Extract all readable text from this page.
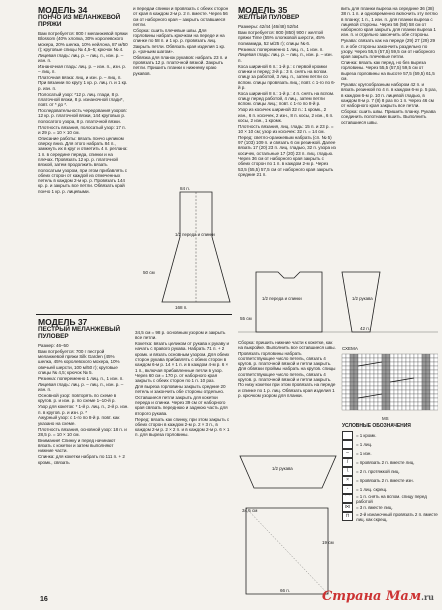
МОДЕЛЬ 34
ПОНЧО ИЗ МЕЛАНЖЕВОЙ ПРЯЖИ

Вам потребуется: 800 г меланжевой пряжи Blossom (40% хлопка, 30% королевского мохера, 20% шелка, 10% нейлона, 87 м/50 г); круговые спицы № 4,5–5; крючок № 4.

Лицевая гладь: лиц. р. – лиц. п., изн. р. – изн. п.

Изнаночная гладь: лиц. р. – изн. п., изн. р. – лиц. п.

Платочная вязка: лиц. и изн. р. – лиц. п. При вязании по кругу 1 кр. р. лиц. п. и 1 кр. р. изн. п.

Полосатый узор: *12 р. лиц. глади, 8 р. платочной вязки, 8 р. изнаночной глади*, повт. от * до *.

Последовательность чередования узоров: 12 кр. р. платочной вязки, 144 круговых р. полосатого узора, 8 р. платочной вязки.

Плотность вязания, полосатый узор: 17 п. и 29 р. = 10 × 10 см.

Описание работы: вязать пончо целиком сверху вниз. Для этого набрать 84 п., замкнуть их в круг и отметить 4 п. реглана: 1 п. в середине переда, спинки и на плечах. Провязать 12 кр. р. платочной вязкой, затем продолжить вязать полосатым узором, при этом прибавлять с обеих сторон от каждой из отмеченных петель в каждом 2-м кр. р. Провязать 144 кр. р. и закрыть все петли. Обвязать край пончо 1 кр. р. лицевыми.

и передаи спинки и провязать с обеих сторон от края в каждом 2-м р. 2 п. вместе. Через 56 см от наборного края – закрыть оставшиеся петли.

Сборка: сшить плечевые швы. Для горловины набрать крючком на переде и на спинке по 58 п. и 1 кр. р. провязать лиц. Закрыть петли. Обвязать края изделия 1 кр. р. «рачьим шагом».

Обвязка для планок рукавов: набрать 23 п. и провязать 12 р. платочной вязкой. Закрыть петли. Пришить планки к нижнему краю рукавов.

1/2 переда и спинки
84 п.
50 см
168 п.
МОДЕЛЬ 35
ЖЕЛТЫЙ ПУЛОВЕР

Размеры: 42/44 (46/48) 52/54

Вам потребуется: 800 (850) 900 г желтой пряжи Time (55% хлопковой шерсти, 45% полиамида, 52 м/25 г); спицы № 6.

Резинка: попеременно 1 лиц. п., 1 изн. п.

Лицевая гладь: лиц. р. – лиц. п., изн. р. – изн. п.

Коса шириной 6 п.: 1-й р.: с первой кромки спинки и перед; 3-й р.: 3 п. снять на вспом. спицу за работой, 3 лиц. п., затем петли со вспом. спицы провязать лиц.; повт. с 1-го по 6-й р.

Коса шириной 8 п.: 1-й р.: 4 п. снять на вспом. спицу перед работой, 4 лиц., затем петли вспом. спицы лиц.; повт. с 1-го по 8-й р.

Узор из косичек шириной 32 п.: 1 кромк., 2 изн., 6 п. косичек, 2 изн., 8 п. косы, 2 изн., 6 п. косы, 2 изн., 1 кромк.

Плотность вязания, лиц. гладь: 15 п. и 23 р. = 10 × 10 см; узор из косичек: 32 п. = 14 см.

Перед: светло-оранжевым набрать (сп. № 5) 97 (103) 109 п. и связать 6 см резинкой. Далее вязать 17 (20) 23 п. лиц. гладью, 32 п. узора из косичек, остальные 17 (20) 23 п. лиц. гладью. Через 36 см от наборного края закрыть с обеих сторон по 1 п. в каждом 2-м р. Через 53,5 (55,5) 57,5 см от наборного края закрыть средние 21 п.

вить для планки выреза на середине 36 (38) 38 п. 1 п. и одновременно включить эту петлю в планку; 1 п., 1 изн. п. для планки выреза с лицевой стороны. Через 56 (56) 58 см от наборного края закрыть для планки выреза 1 изн. п. и отдельно закончить обе стороны.

Рукава: связать как на переде (29) 27 (29) 29 п. и обе стороны закончить раздельно по узору. Через 55,5 (57,5) 59,5 см от наборного края закрыть плечевые петли.

Спинка: вязать как перед, но без выреза горловины. Через 55,5 (57,5) 59,5 см от выреза горловины на высоте 57,5 (59,5) 61,5 см.

Рукава: кругообразным набором 42 п. и вязать резинкой по 4 п. в каждом 6-м р. 5 раз, в каждом 6-м р. 10 п. лицевой гладью, в каждом 8-м р. 7 (8) 8 раз по 1 п. Через 46 см от наборного края закрыть все петли.

Сборка: сшить швы. Пришить планку. Рукава соединить полотнами вшить. Выполнить оставшиеся швы.

1/2 переда и спинки	1/2 рукава
55 см
42 п.
МОДЕЛЬ 37
ПЕСТРЫЙ МЕЛАНЖЕВЫЙ ПУЛОВЕР

Размер: 46–50

Вам потребуется: 700 г пестрой меланжевой пряжи Silk Garden (45% шелка, 45% королевского мохера, 10% овечьей шерсти, 100 м/50 г); круговые спицы № 4,5; крючок № 5.

Резинка: попеременно 1 лиц. п., 1 изн. п.

Лицевая гладь: лиц. р. – лиц. п., изн. р. – изн. п.

Основной узор: повторять по схеме в кругов. р. и изн. р. по схеме 1–10-й р.

Узор для кокеток: * 1-й р. лиц. п., 2-й р. изн. п. в кругов. р. и изн. р. *

Ажурный узор: с 1-го по 8-й р. повт. как указано на схеме.

Плотность вязания, основной узор: 18 п. и 28,5 р. = 10 × 10 см.

Внимание! Спинку и перед начинают вязать с кокетки и затем выполняют нижние части.

Спинка: для кокетки набрать по 111 п. + 2 кромк., связать

34,5 см = 98 р. основным узором и закрыть все петли.

Кокетка: вязать целиком от рукава к рукаву и начать с правого рукава. Набрать 71 п. + 2 кромк. и вязать основным узором. Для обеих сторон рукава прибавлять с обеих сторон в каждом 6-м р. 14 × 1 п. и в каждом 4-м р. 6 × 1 п., включая прибавленные петли в узор. Через 60 см = 170 р. от наборного края закрыть с обеих сторон по 1 п. 10 раз.

Для выреза горловины закрыть средние 20 петель и закончить обе стороны отдельно. Оставшиеся петли закрыть для кокетки переда и спинки. Через 39 см от наборного края связать переднюю и заднюю часть для второго рукава.

Перед: вязать как спинку, при этом закрыть с обеих сторон в каждом 2-м р. 2 × 3 п., в каждом 2-м р. 2 × 2 п. и в каждом 2-м р. 6 × 1 п. для выреза горловины.

Сборка: пришить нижние части к кокетке, как на выкройке. Выполнить все оставшиеся швы. Провязать горловины набрать соответствующее число петель, связать 4 кругов. р. платочной вязкой и петли закрыть. Для обвязки проймы набрать на кругов. спицы соответствующее число петель, связать 4 кругов. р. платочной вязкой и петли закрыть. По низу кокетки при этом провязать на переде и спинке по 1 р. лиц. Обвязать края изделия 1 р. крючком узором для планки.

1/2 рукава
34,5 см
19 см
66 п.
СХЕМА
MS
УСЛОВНЫЕ ОБОЗНАЧЕНИЯ
= 1 кромк.
= 1 лиц.
–	= 1 изн.
/	= провязать 2 п. вместе лиц.
\	= 2 п. протяжкой лиц.
×	= провязать 2 п. вместе изн.
◦	= 1 лиц. скрещ.
⌒	= 1 п. снять на вспом. спицу перед работой
⋈	= 3 п. вместе лиц.
⊓	= 2-й изнаночный провязать 2 п. вместе лиц. как скрещ.
16	Страна Мам.ru
